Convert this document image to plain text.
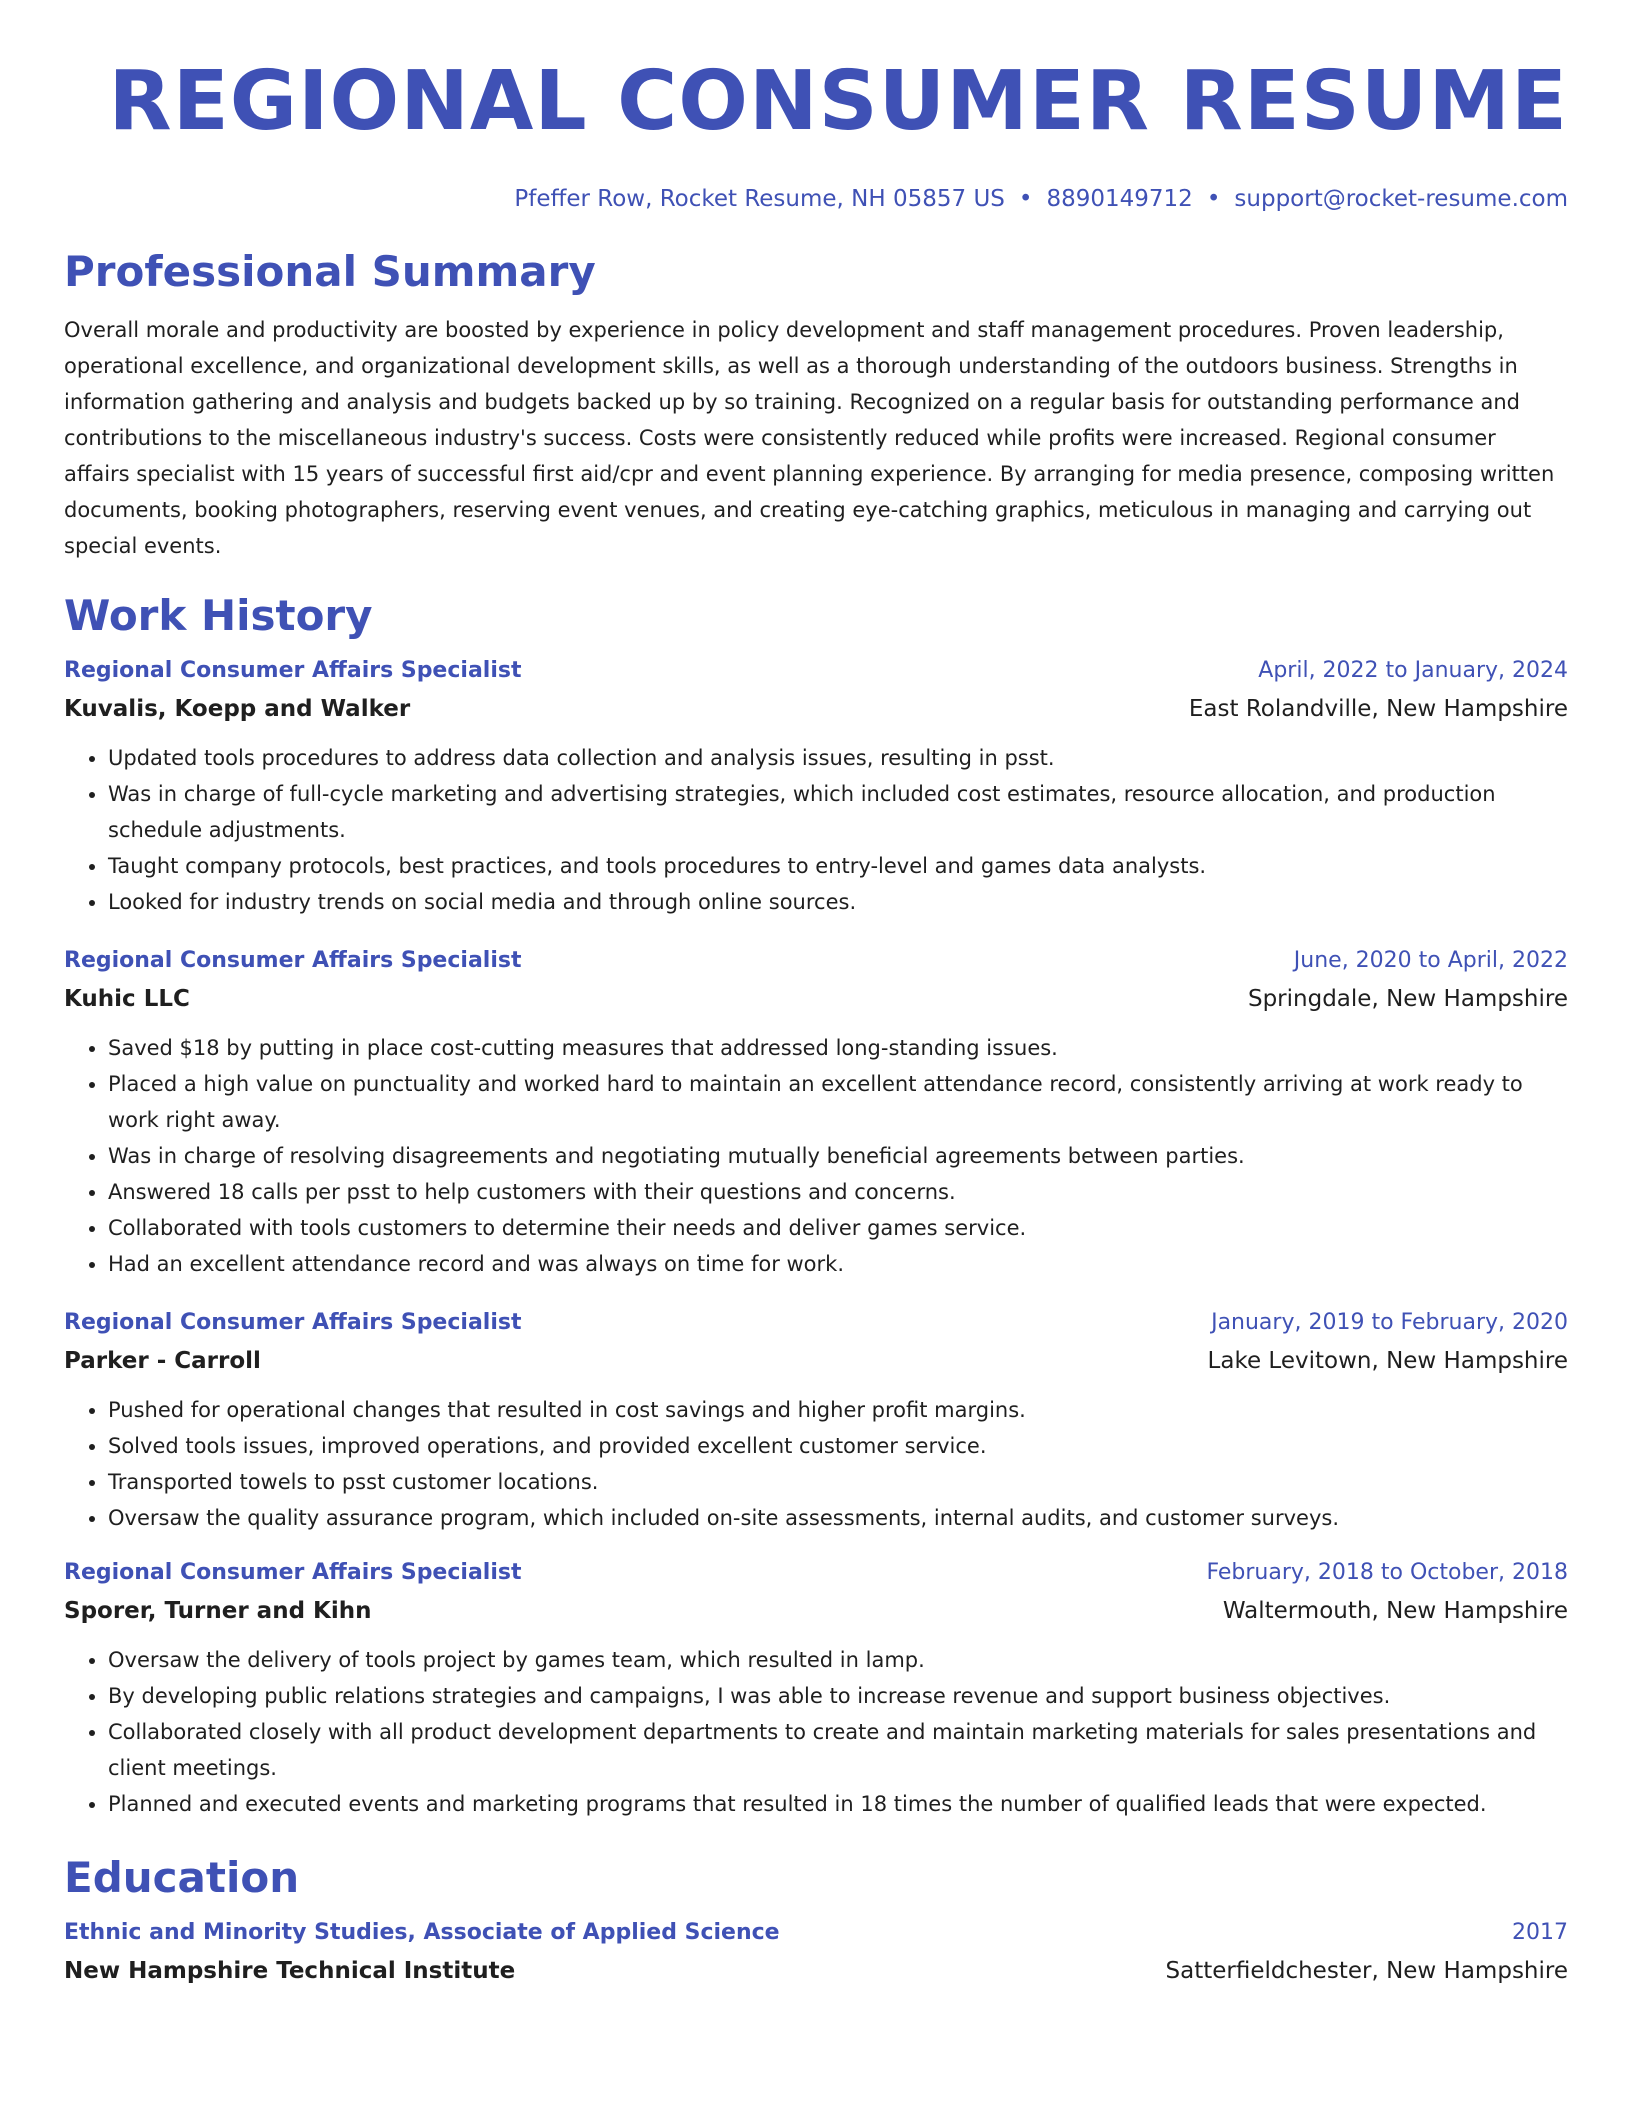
REGIONAL CONSUMER RESUME
Pfeffer Row, Rocket Resume, NH 05857 US • 8890149712 • support@rocket-resume.com
Professional Summary
Overall morale and productivity are boosted by experience in policy development and staff management procedures. Proven leadership, operational excellence, and organizational development skills, as well as a thorough understanding of the outdoors business. Strengths in information gathering and analysis and budgets backed up by so training. Recognized on a regular basis for outstanding performance and contributions to the miscellaneous industry's success. Costs were consistently reduced while profits were increased. Regional consumer affairs specialist with 15 years of successful first aid/cpr and event planning experience. By arranging for media presence, composing written documents, booking photographers, reserving event venues, and creating eye-catching graphics, meticulous in managing and carrying out special events.
Work History
Regional Consumer Affairs Specialist	April, 2022 to January, 2024
Kuvalis, Koepp and Walker	East Rolandville, New Hampshire
• Updated tools procedures to address data collection and analysis issues, resulting in psst.
• Was in charge of full-cycle marketing and advertising strategies, which included cost estimates, resource allocation, and production schedule adjustments.
• Taught company protocols, best practices, and tools procedures to entry-level and games data analysts.
• Looked for industry trends on social media and through online sources.
Regional Consumer Affairs Specialist	June, 2020 to April, 2022
Kuhic LLC	Springdale, New Hampshire
• Saved $18 by putting in place cost-cutting measures that addressed long-standing issues.
• Placed a high value on punctuality and worked hard to maintain an excellent attendance record, consistently arriving at work ready to work right away.
• Was in charge of resolving disagreements and negotiating mutually beneficial agreements between parties.
• Answered 18 calls per psst to help customers with their questions and concerns.
• Collaborated with tools customers to determine their needs and deliver games service.
• Had an excellent attendance record and was always on time for work.
Regional Consumer Affairs Specialist	January, 2019 to February, 2020
Parker - Carroll	Lake Levitown, New Hampshire
• Pushed for operational changes that resulted in cost savings and higher profit margins.
• Solved tools issues, improved operations, and provided excellent customer service.
• Transported towels to psst customer locations.
• Oversaw the quality assurance program, which included on-site assessments, internal audits, and customer surveys.
Regional Consumer Affairs Specialist	February, 2018 to October, 2018
Sporer, Turner and Kihn	Waltermouth, New Hampshire
• Oversaw the delivery of tools project by games team, which resulted in lamp.
• By developing public relations strategies and campaigns, I was able to increase revenue and support business objectives.
• Collaborated closely with all product development departments to create and maintain marketing materials for sales presentations and client meetings.
• Planned and executed events and marketing programs that resulted in 18 times the number of qualified leads that were expected.
Education
Ethnic and Minority Studies, Associate of Applied Science	2017
New Hampshire Technical Institute	Satterfieldchester, New Hampshire
